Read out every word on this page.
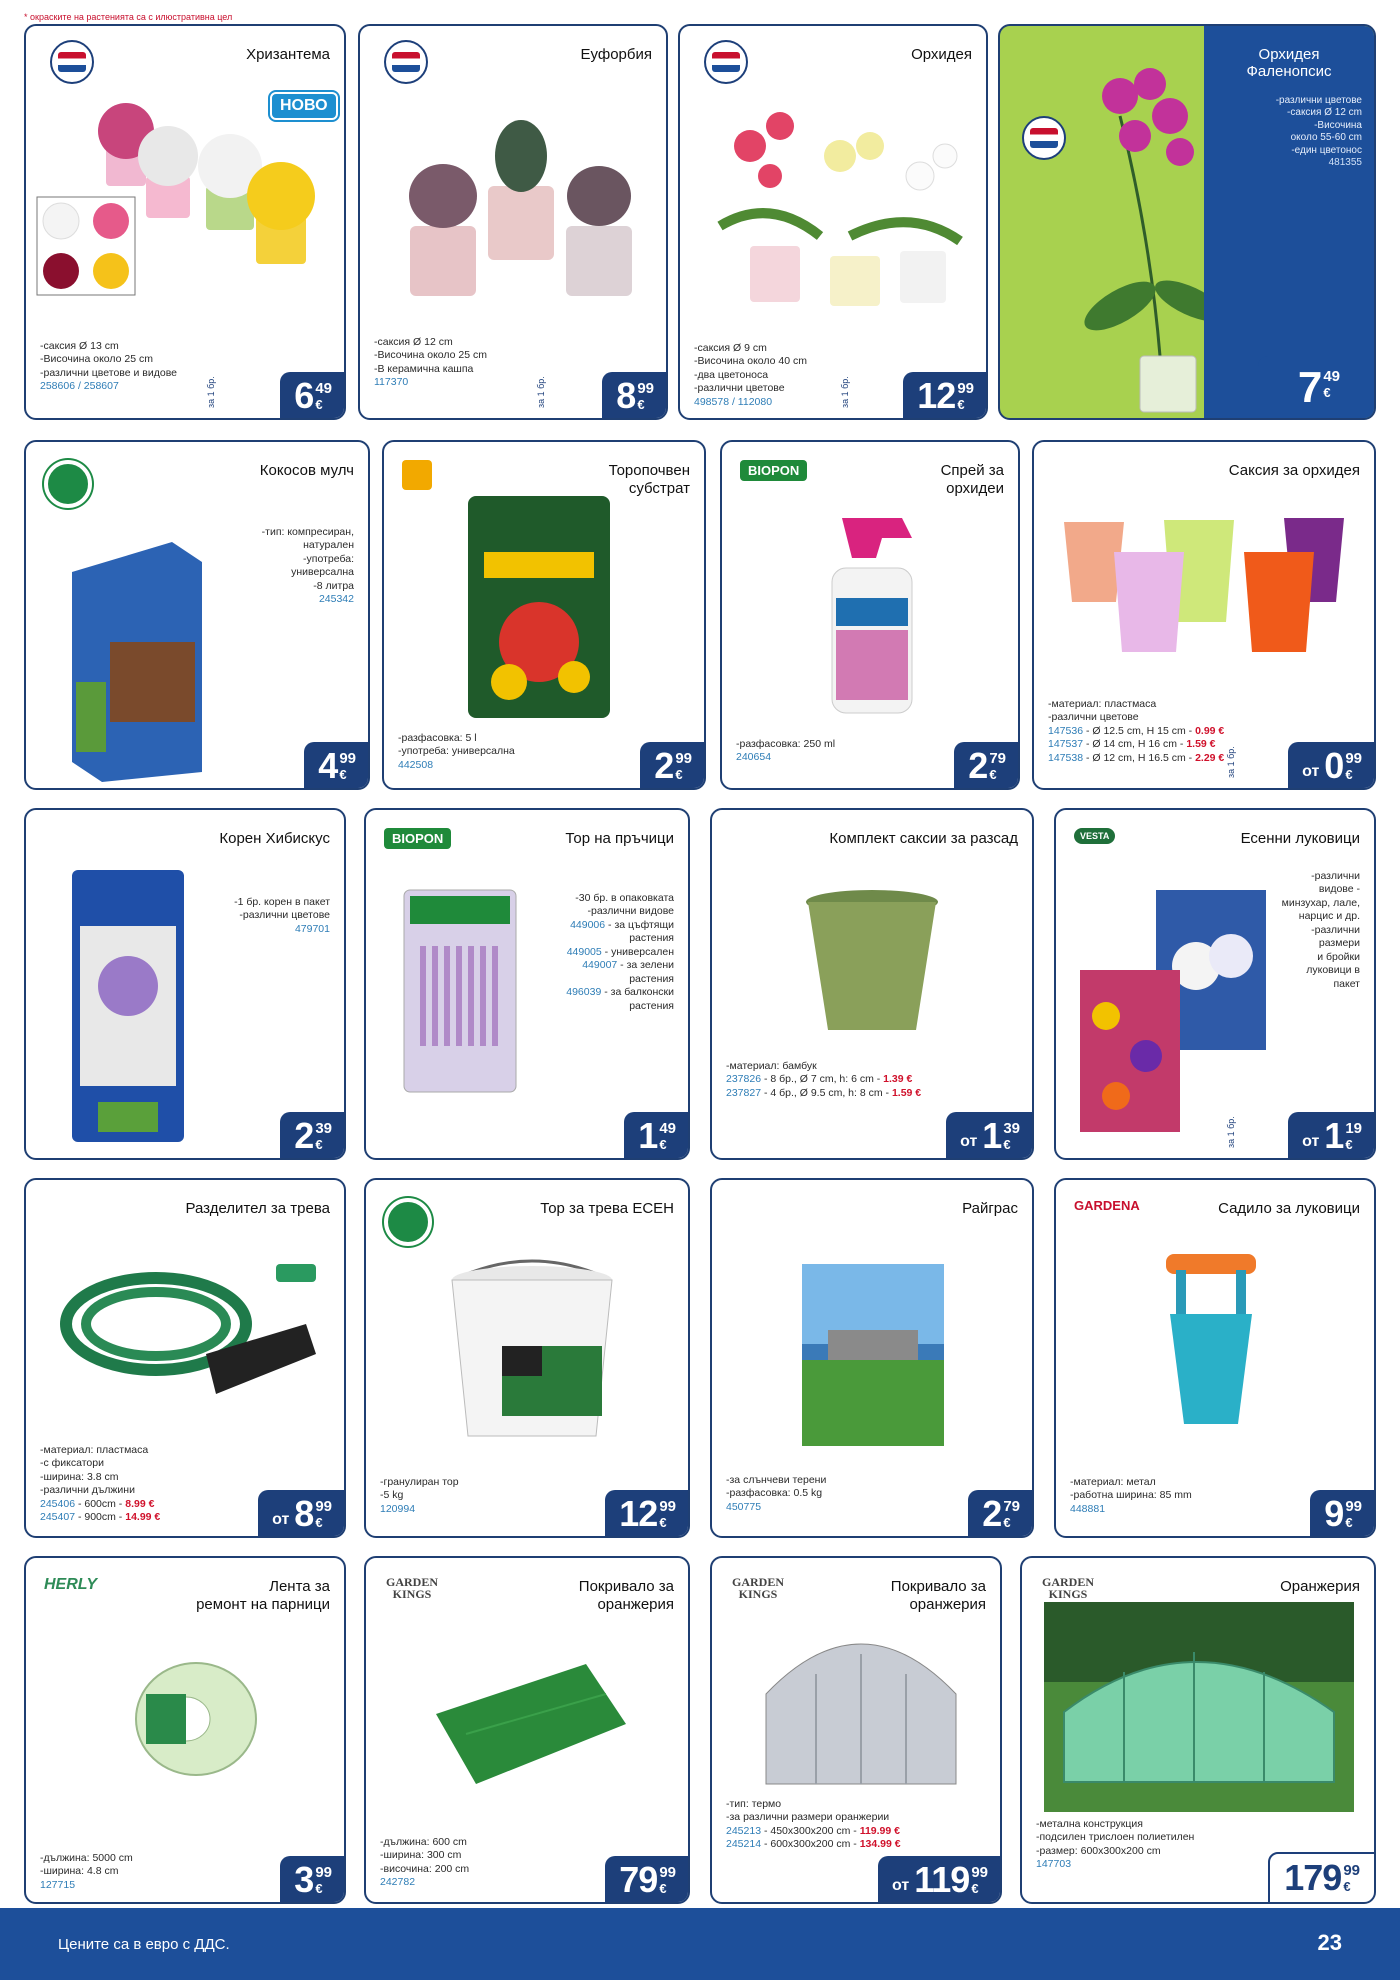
* окраските на растенията са с илюстративна цел
Хризантема
НОВО
-саксия Ø 13 cm
-Височина около 25 cm
-различни цветове и видове
258606 / 258607	за 1 бр. 6 49
€
Еуфорбия
-саксия Ø 12 cm
-Височина около 25 cm
-В керамична кашпа
117370	за 1 бр. 8 99
€
Орхидея
-саксия Ø 9 cm
-Височина около 40 cm
-два цветоноса
-различни цветове
498578 / 112080	за 1 бр. 12 99
€
Орхидея
Фаленопсис
-различни цветове
-саксия Ø 12 cm
-Височина
около 55-60 cm
-един цветонос
481355
7 49
€
Кокосов мулч
-тип: компресиран,
натурален
-употреба:
универсална
-8 литра
245342
4 99
€
Торопочвен
субстрат
-разфасовка: 5 l
-употреба: универсална
442508	2 99
€
BIOPON	Спрей за
орхидеи
-разфасовка: 250 ml
240654	2 79
€
Саксия за орхидея
-материал: пластмаса
-различни цветове
147536 - Ø 12.5 cm, H 15 cm - 0.99 €
147537 - Ø 14 cm, H 16 cm - 1.59 €
147538 - Ø 12 cm, H 16.5 cm - 2.29 € за 1 бр.	от 0 99
€
Корен Хибискус
-1 бр. корен в пакет
-различни цветове
479701
2 39
€
BIOPON	Тор на пръчици
-30 бр. в опаковката
-различни видове
449006 - за цъфтящи
растения
449005 - универсален
449007 - за зелени
растения
496039 - за балконски
растения
1 49
€
Комплект саксии за разсад
-материал: бамбук
237826 - 8 бр., Ø 7 cm, h: 6 cm - 1.39 €
237827 - 4 бр., Ø 9.5 cm, h: 8 cm - 1.59 €
от 1 39
€
VESTA	Есенни луковици
-различни
видове -
минзухар, лале,
нарцис и др.
-различни
размери
и бройки
луковици в
пакет
за 1 бр.	от 1 19
€
Разделител за трева
-материал: пластмаса
-с фиксатори
-ширина: 3.8 cm
-различни дължини
245406 - 600cm - 8.99 €
245407 - 900cm - 14.99 €	от 8 99
€
Тор за трева ЕСЕН
-гранулиран тор
-5 kg
120994	12 99
€
Райграс
-за слънчеви терени
-разфасовка: 0.5 kg
450775	2 79
€
GARDENA	Садило за луковици
-материал: метал
-работна ширина: 85 mm
448881	9 99
€
HERLY	Лента за
ремонт на парници
-дължина: 5000 cm
-ширина: 4.8 cm
127715	3 99
€
GARDEN KINGS	Покривало за
оранжерия
-дължина: 600 cm
-ширина: 300 cm
-височина: 200 cm
242782	79 99
€
GARDEN KINGS	Покривало за
оранжерия
-тип: термо
-за различни размери оранжерии
245213 - 450x300x200 cm - 119.99 €
245214 - 600x300x200 cm - 134.99 €
от 119 99
€
GARDEN KINGS	Оранжерия
-метална конструкция
-подсилен трислоен полиетилен
-размер: 600x300x200 cm
147703	179 99
€
Цените са в евро с ДДС.	23
